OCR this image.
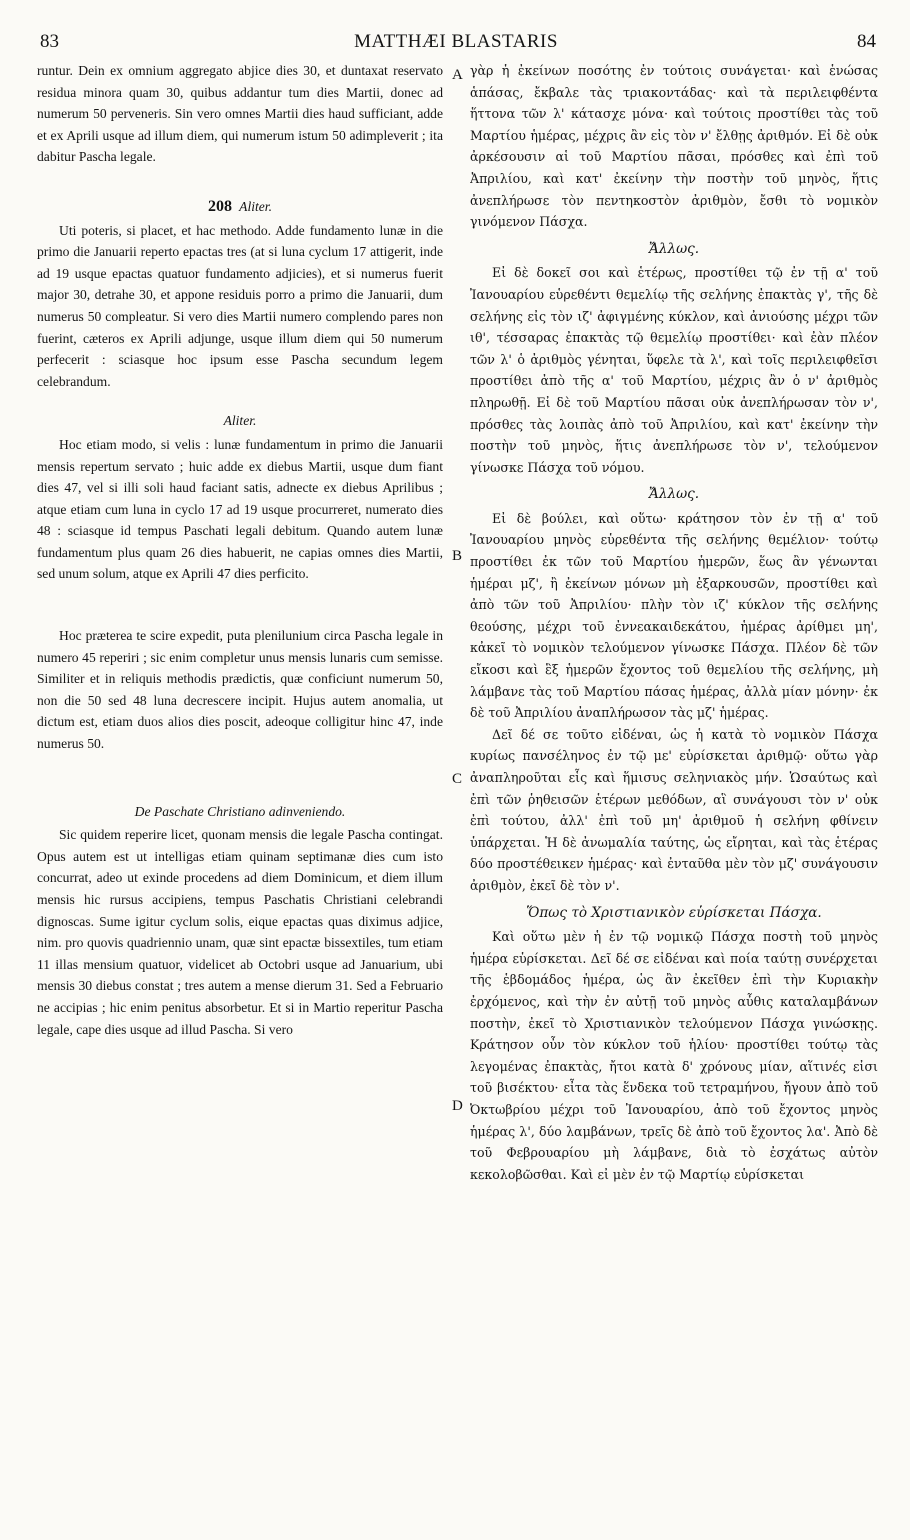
83	MATTHÆI BLASTARIS	84

runtur. Dein ex omnium aggregato abjice dies 30, et duntaxat reservato residua minora quam 30, quibus addantur tum dies Martii, donec ad numerum 50 perveneris. Sin vero omnes Martii dies haud sufficiant, adde et ex Aprili usque ad illum diem, qui numerum istum 50 adimpleverit ; ita dabitur Pascha legale.

208 Aliter.

Uti poteris, si placet, et hac methodo. Adde fundamento lunæ in die primo die Januarii reperto epactas tres (at si luna cyclum 17 attigerit, inde ad 19 usque epactas quatuor fundamento adjicies), et si numerus fuerit major 30, detrahe 30, et appone residuis porro a primo die Januarii, dum numerus 50 compleatur. Si vero dies Martii numero complendo pares non fuerint, cæteros ex Aprili adjunge, usque illum diem qui 50 numerum perfecerit : sciasque hoc ipsum esse Pascha secundum legem celebrandum.

Aliter.

Hoc etiam modo, si velis : lunæ fundamentum in primo die Januarii mensis repertum servato ; huic adde ex diebus Martii, usque dum fiant dies 47, vel si illi soli haud faciant satis, adnecte ex diebus Aprilibus ; atque etiam cum luna in cyclo 17 ad 19 usque procurreret, numerato dies 48 : sciasque id tempus Paschati legali debitum. Quando autem lunæ fundamentum plus quam 26 dies habuerit, ne capias omnes dies Martii, sed unum solum, atque ex Aprili 47 dies perficito.

Hoc præterea te scire expedit, puta plenilunium circa Pascha legale in numero 45 reperiri ; sic enim completur unus mensis lunaris cum semisse. Similiter et in reliquis methodis prædictis, quæ conficiunt numerum 50, non die 50 sed 48 luna decrescere incipit. Hujus autem anomalia, ut dictum est, etiam duos alios dies poscit, adeoque colligitur hinc 47, inde numerus 50.

De Paschate Christiano adinveniendo.

Sic quidem reperire licet, quonam mensis die legale Pascha contingat. Opus autem est ut intelligas etiam quinam septimanæ dies cum isto concurrat, adeo ut exinde procedens ad diem Dominicum, et diem illum mensis hic rursus accipiens, tempus Paschatis Christiani celebrandi dignoscas. Sume igitur cyclum solis, eique epactas quas diximus adjice, nim. pro quovis quadriennio unam, quæ sint epactæ bissextiles, tum etiam 11 illas mensium quatuor, videlicet ab Octobri usque ad Januarium, ubi mensis 30 diebus constat ; tres autem a mense dierum 31. Sed a Februario ne accipias ; hic enim penitus absorbetur. Et si in Martio reperitur Pascha legale, cape dies usque ad illud Pascha. Si vero

A
B
C
D

γὰρ ἡ ἐκείνων ποσότης ἐν τούτοις συνάγεται· καὶ ἑνώσας ἁπάσας, ἔκβαλε τὰς τριακοντάδας· καὶ τὰ περιλειφθέντα ἥττονα τῶν λ' κάτασχε μόνα· καὶ τούτοις προστίθει τὰς τοῦ Μαρτίου ἡμέρας, μέχρις ἂν εἰς τὸν ν' ἔλθῃς ἀριθμόν. Εἰ δὲ οὐκ ἀρκέσουσιν αἱ τοῦ Μαρτίου πᾶσαι, πρόσθες καὶ ἐπὶ τοῦ Ἀπριλίου, καὶ κατ' ἐκείνην τὴν ποστὴν τοῦ μηνὸς, ἥτις ἀνεπλήρωσε τὸν πεντηκοστὸν ἀριθμὸν, ἔσθι τὸ νομικὸν γινόμενον Πάσχα.

Ἄλλως.

Εἰ δὲ δοκεῖ σοι καὶ ἑτέρως, προστίθει τῷ ἐν τῇ α' τοῦ Ἰανουαρίου εὑρεθέντι θεμελίῳ τῆς σελήνης ἐπακτὰς γ', τῆς δὲ σελήνης εἰς τὸν ιζ' ἀφιγμένης κύκλον, καὶ ἀνιούσης μέχρι τῶν ιθ', τέσσαρας ἐπακτὰς τῷ θεμελίῳ προστίθει· καὶ ἐὰν πλέον τῶν λ' ὁ ἀριθμὸς γένηται, ὕφελε τὰ λ', καὶ τοῖς περιλειφθεῖσι προστίθει ἀπὸ τῆς α' τοῦ Μαρτίου, μέχρις ἂν ὁ ν' ἀριθμὸς πληρωθῇ. Εἰ δὲ τοῦ Μαρτίου πᾶσαι οὐκ ἀνεπλήρωσαν τὸν ν', πρόσθες τὰς λοιπὰς ἀπὸ τοῦ Ἀπριλίου, καὶ κατ' ἐκείνην τὴν ποστὴν τοῦ μηνὸς, ἥτις ἀνεπλήρωσε τὸν ν', τελούμενον γίνωσκε Πάσχα τοῦ νόμου.

Ἄλλως.

Εἰ δὲ βούλει, καὶ οὕτω· κράτησον τὸν ἐν τῇ α' τοῦ Ἰανουαρίου μηνὸς εὑρεθέντα τῆς σελήνης θεμέλιον· τούτῳ προστίθει ἐκ τῶν τοῦ Μαρτίου ἡμερῶν, ἕως ἂν γένωνται ἡμέραι μζ', ἢ ἐκείνων μόνων μὴ ἐξαρκουσῶν, προστίθει καὶ ἀπὸ τῶν τοῦ Ἀπριλίου· πλὴν τὸν ιζ' κύκλον τῆς σελήνης θεούσης, μέχρι τοῦ ἐννεακαιδεκάτου, ἡμέρας ἀρίθμει μη', κἀκεῖ τὸ νομικὸν τελούμενον γίνωσκε Πάσχα. Πλέον δὲ τῶν εἴκοσι καὶ ἓξ ἡμερῶν ἔχοντος τοῦ θεμελίου τῆς σελήνης, μὴ λάμβανε τὰς τοῦ Μαρτίου πάσας ἡμέρας, ἀλλὰ μίαν μόνην· ἐκ δὲ τοῦ Ἀπριλίου ἀναπλήρωσον τὰς μζ' ἡμέρας.

Δεῖ δέ σε τοῦτο εἰδέναι, ὡς ἡ κατὰ τὸ νομικὸν Πάσχα κυρίως πανσέληνος ἐν τῷ με' εὑρίσκεται ἀριθμῷ· οὕτω γὰρ ἀναπληροῦται εἷς καὶ ἥμισυς σεληνιακὸς μήν. Ὡσαύτως καὶ ἐπὶ τῶν ῥηθεισῶν ἑτέρων μεθόδων, αἳ συνάγουσι τὸν ν' οὐκ ἐπὶ τούτου, ἀλλ' ἐπὶ τοῦ μη' ἀριθμοῦ ἡ σελήνη φθίνειν ὑπάρχεται. Ἡ δὲ ἀνωμαλία ταύτης, ὡς εἴρηται, καὶ τὰς ἑτέρας δύο προστέθεικεν ἡμέρας· καὶ ἐνταῦθα μὲν τὸν μζ' συνάγουσιν ἀριθμὸν, ἐκεῖ δὲ τὸν ν'.

Ὅπως τὸ Χριστιανικὸν εὑρίσκεται Πάσχα.

Καὶ οὕτω μὲν ἡ ἐν τῷ νομικῷ Πάσχα ποστὴ τοῦ μηνὸς ἡμέρα εὑρίσκεται. Δεῖ δέ σε εἰδέναι καὶ ποία ταύτῃ συνέρχεται τῆς ἑβδομάδος ἡμέρα, ὡς ἂν ἐκεῖθεν ἐπὶ τὴν Κυριακὴν ἐρχόμενος, καὶ τὴν ἐν αὐτῇ τοῦ μηνὸς αὖθις καταλαμβάνων ποστὴν, ἐκεῖ τὸ Χριστιανικὸν τελούμενον Πάσχα γινώσκῃς. Κράτησον οὖν τὸν κύκλον τοῦ ἡλίου· προστίθει τούτῳ τὰς λεγομένας ἐπακτὰς, ἤτοι κατὰ δ' χρόνους μίαν, αἵτινές εἰσι τοῦ βισέκτου· εἶτα τὰς ἕνδεκα τοῦ τετραμήνου, ἤγουν ἀπὸ τοῦ Ὀκτωβρίου μέχρι τοῦ Ἰανουαρίου, ἀπὸ τοῦ ἔχοντος μηνὸς ἡμέρας λ', δύο λαμβάνων, τρεῖς δὲ ἀπὸ τοῦ ἔχοντος λα'. Ἀπὸ δὲ τοῦ Φεβρουαρίου μὴ λάμβανε, διὰ τὸ ἐσχάτως αὐτὸν κεκολοβῶσθαι. Καὶ εἰ μὲν ἐν τῷ Μαρτίῳ εὑρίσκεται
